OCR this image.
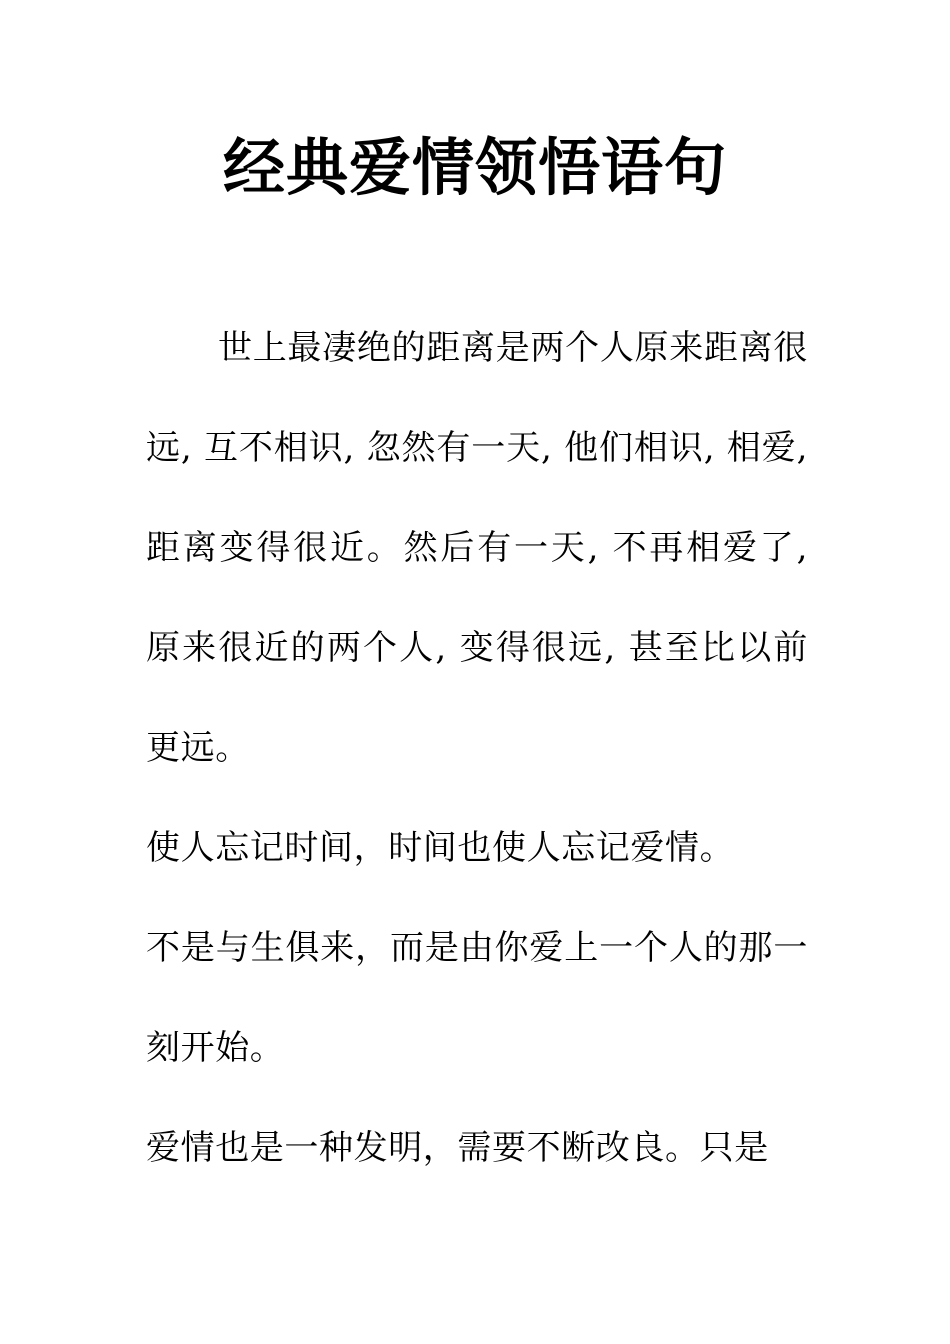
经典爱情领悟语句

世上最凄绝的距离是两个人原来距离很远, 互不相识, 忽然有一天, 他们相识, 相爱, 距离变得很近。然后有一天, 不再相爱了, 原来很近的两个人, 变得很远, 甚至比以前更远。

使人忘记时间，时间也使人忘记爱情。

不是与生俱来，而是由你爱上一个人的那一刻开始。

爱情也是一种发明，需要不断改良。只是
